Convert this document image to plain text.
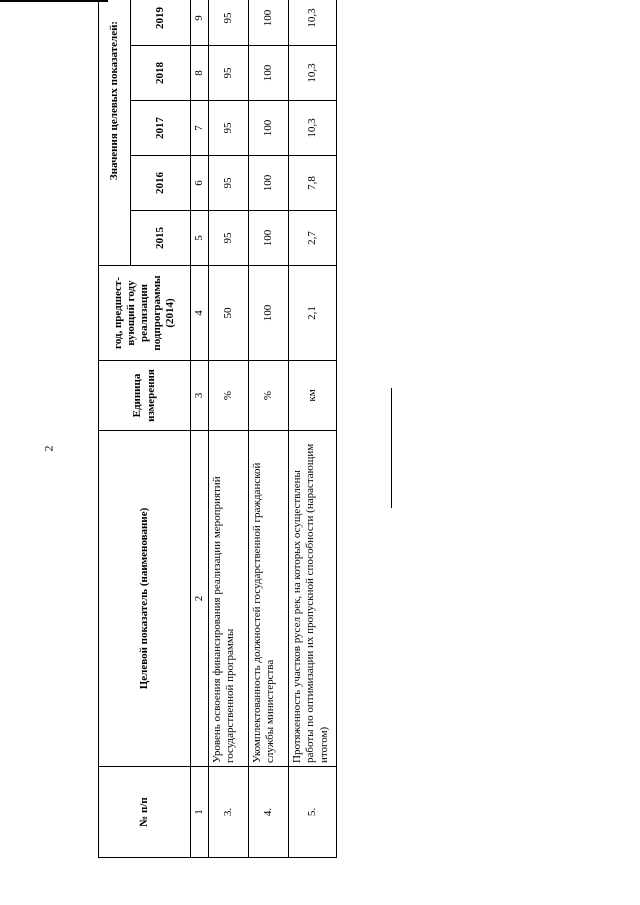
2
№ п/п	Целевой показатель (наименование)	Единица измерения	год, предшест-вующий году реализации подпрограммы (2014)	Значения целевых показателей:					
				2015	2016	2017	2018	2019	
1	2	3	4	5	6	7	8	9	
3.	Уровень освоения финансирования реализации мероприятий государственной программы	%	50	95	95	95	95	95	
4.	Укомплектованность должностей государственной гражданской службы министерства	%	100	100	100	100	100	100	
5.	Протяженность участков русел рек, на которых осуществлены работы по оптимизации их пропускной способности (нарастающим итогом)	км	2,1	2,7	7,8	10,3	10,3	10,3	
